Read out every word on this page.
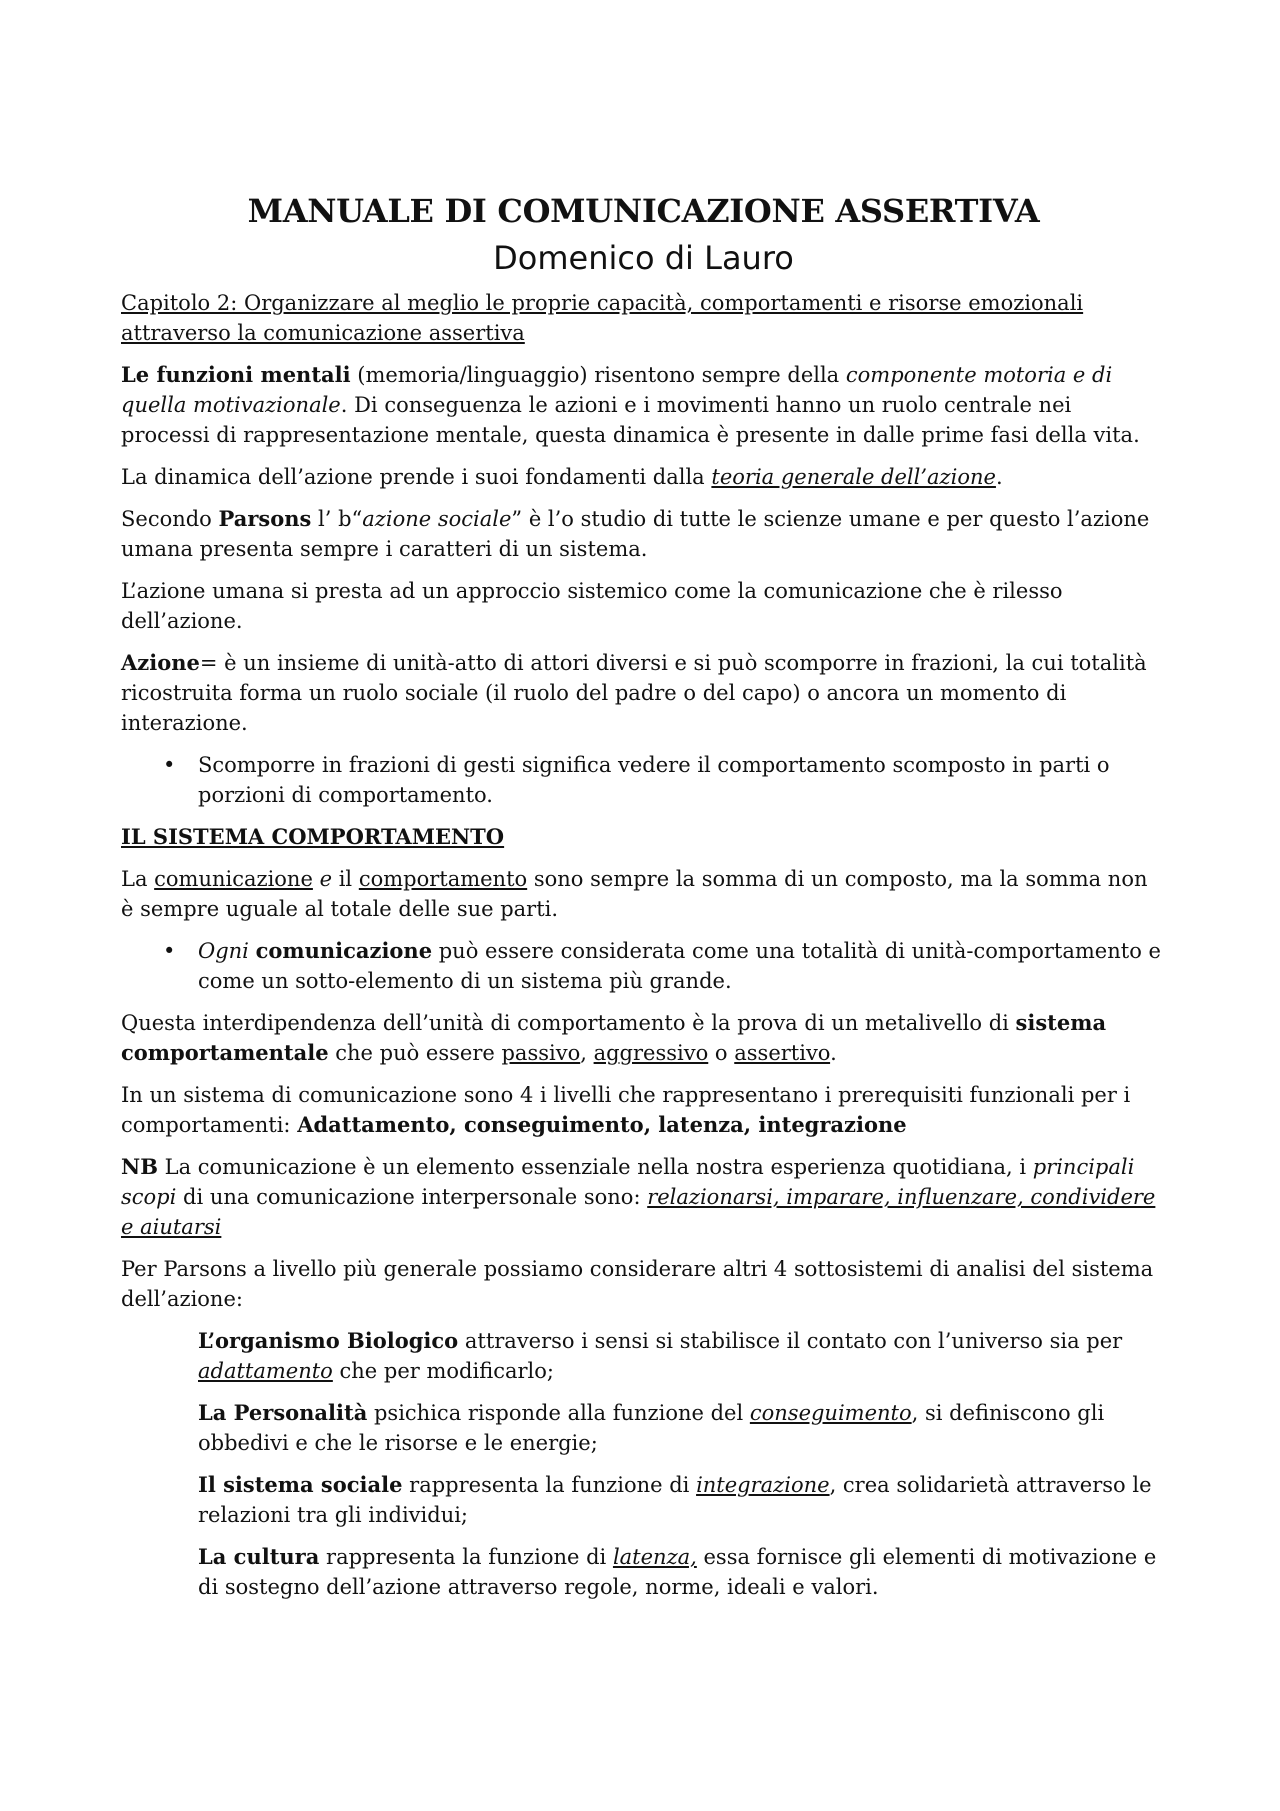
MANUALE DI COMUNICAZIONE ASSERTIVA
Domenico di Lauro

Capitolo 2: Organizzare al meglio le proprie capacità, comportamenti e risorse emozionali attraverso la comunicazione assertiva

Le funzioni mentali (memoria/linguaggio) risentono sempre della componente motoria e di quella motivazionale. Di conseguenza le azioni e i movimenti hanno un ruolo centrale nei processi di rappresentazione mentale, questa dinamica è presente in dalle prime fasi della vita.

La dinamica dell’azione prende i suoi fondamenti dalla teoria generale dell’azione.

Secondo Parsons l’ b“azione sociale” è l’o studio di tutte le scienze umane e per questo l’azione umana presenta sempre i caratteri di un sistema.

L’azione umana si presta ad un approccio sistemico come la comunicazione che è rilesso dell’azione.

Azione= è un insieme di unità-atto di attori diversi e si può scomporre in frazioni, la cui totalità ricostruita forma un ruolo sociale (il ruolo del padre o del capo) o ancora un momento di interazione.

• Scomporre in frazioni di gesti significa vedere il comportamento scomposto in parti o porzioni di comportamento.

IL SISTEMA COMPORTAMENTO

La comunicazione e il comportamento sono sempre la somma di un composto, ma la somma non è sempre uguale al totale delle sue parti.

• Ogni comunicazione può essere considerata come una totalità di unità-comportamento e come un sotto-elemento di un sistema più grande.

Questa interdipendenza dell’unità di comportamento è la prova di un metalivello di sistema comportamentale che può essere passivo, aggressivo o assertivo.

In un sistema di comunicazione sono 4 i livelli che rappresentano i prerequisiti funzionali per i comportamenti: Adattamento, conseguimento, latenza, integrazione

NB La comunicazione è un elemento essenziale nella nostra esperienza quotidiana, i principali scopi di una comunicazione interpersonale sono: relazionarsi, imparare, influenzare, condividere e aiutarsi

Per Parsons a livello più generale possiamo considerare altri 4 sottosistemi di analisi del sistema dell’azione:

L’organismo Biologico attraverso i sensi si stabilisce il contato con l’universo sia per adattamento che per modificarlo;

La Personalità psichica risponde alla funzione del conseguimento, si definiscono gli obbedivi e che le risorse e le energie;

Il sistema sociale rappresenta la funzione di integrazione, crea solidarietà attraverso le relazioni tra gli individui;

La cultura rappresenta la funzione di latenza, essa fornisce gli elementi di motivazione e di sostegno dell’azione attraverso regole, norme, ideali e valori.
